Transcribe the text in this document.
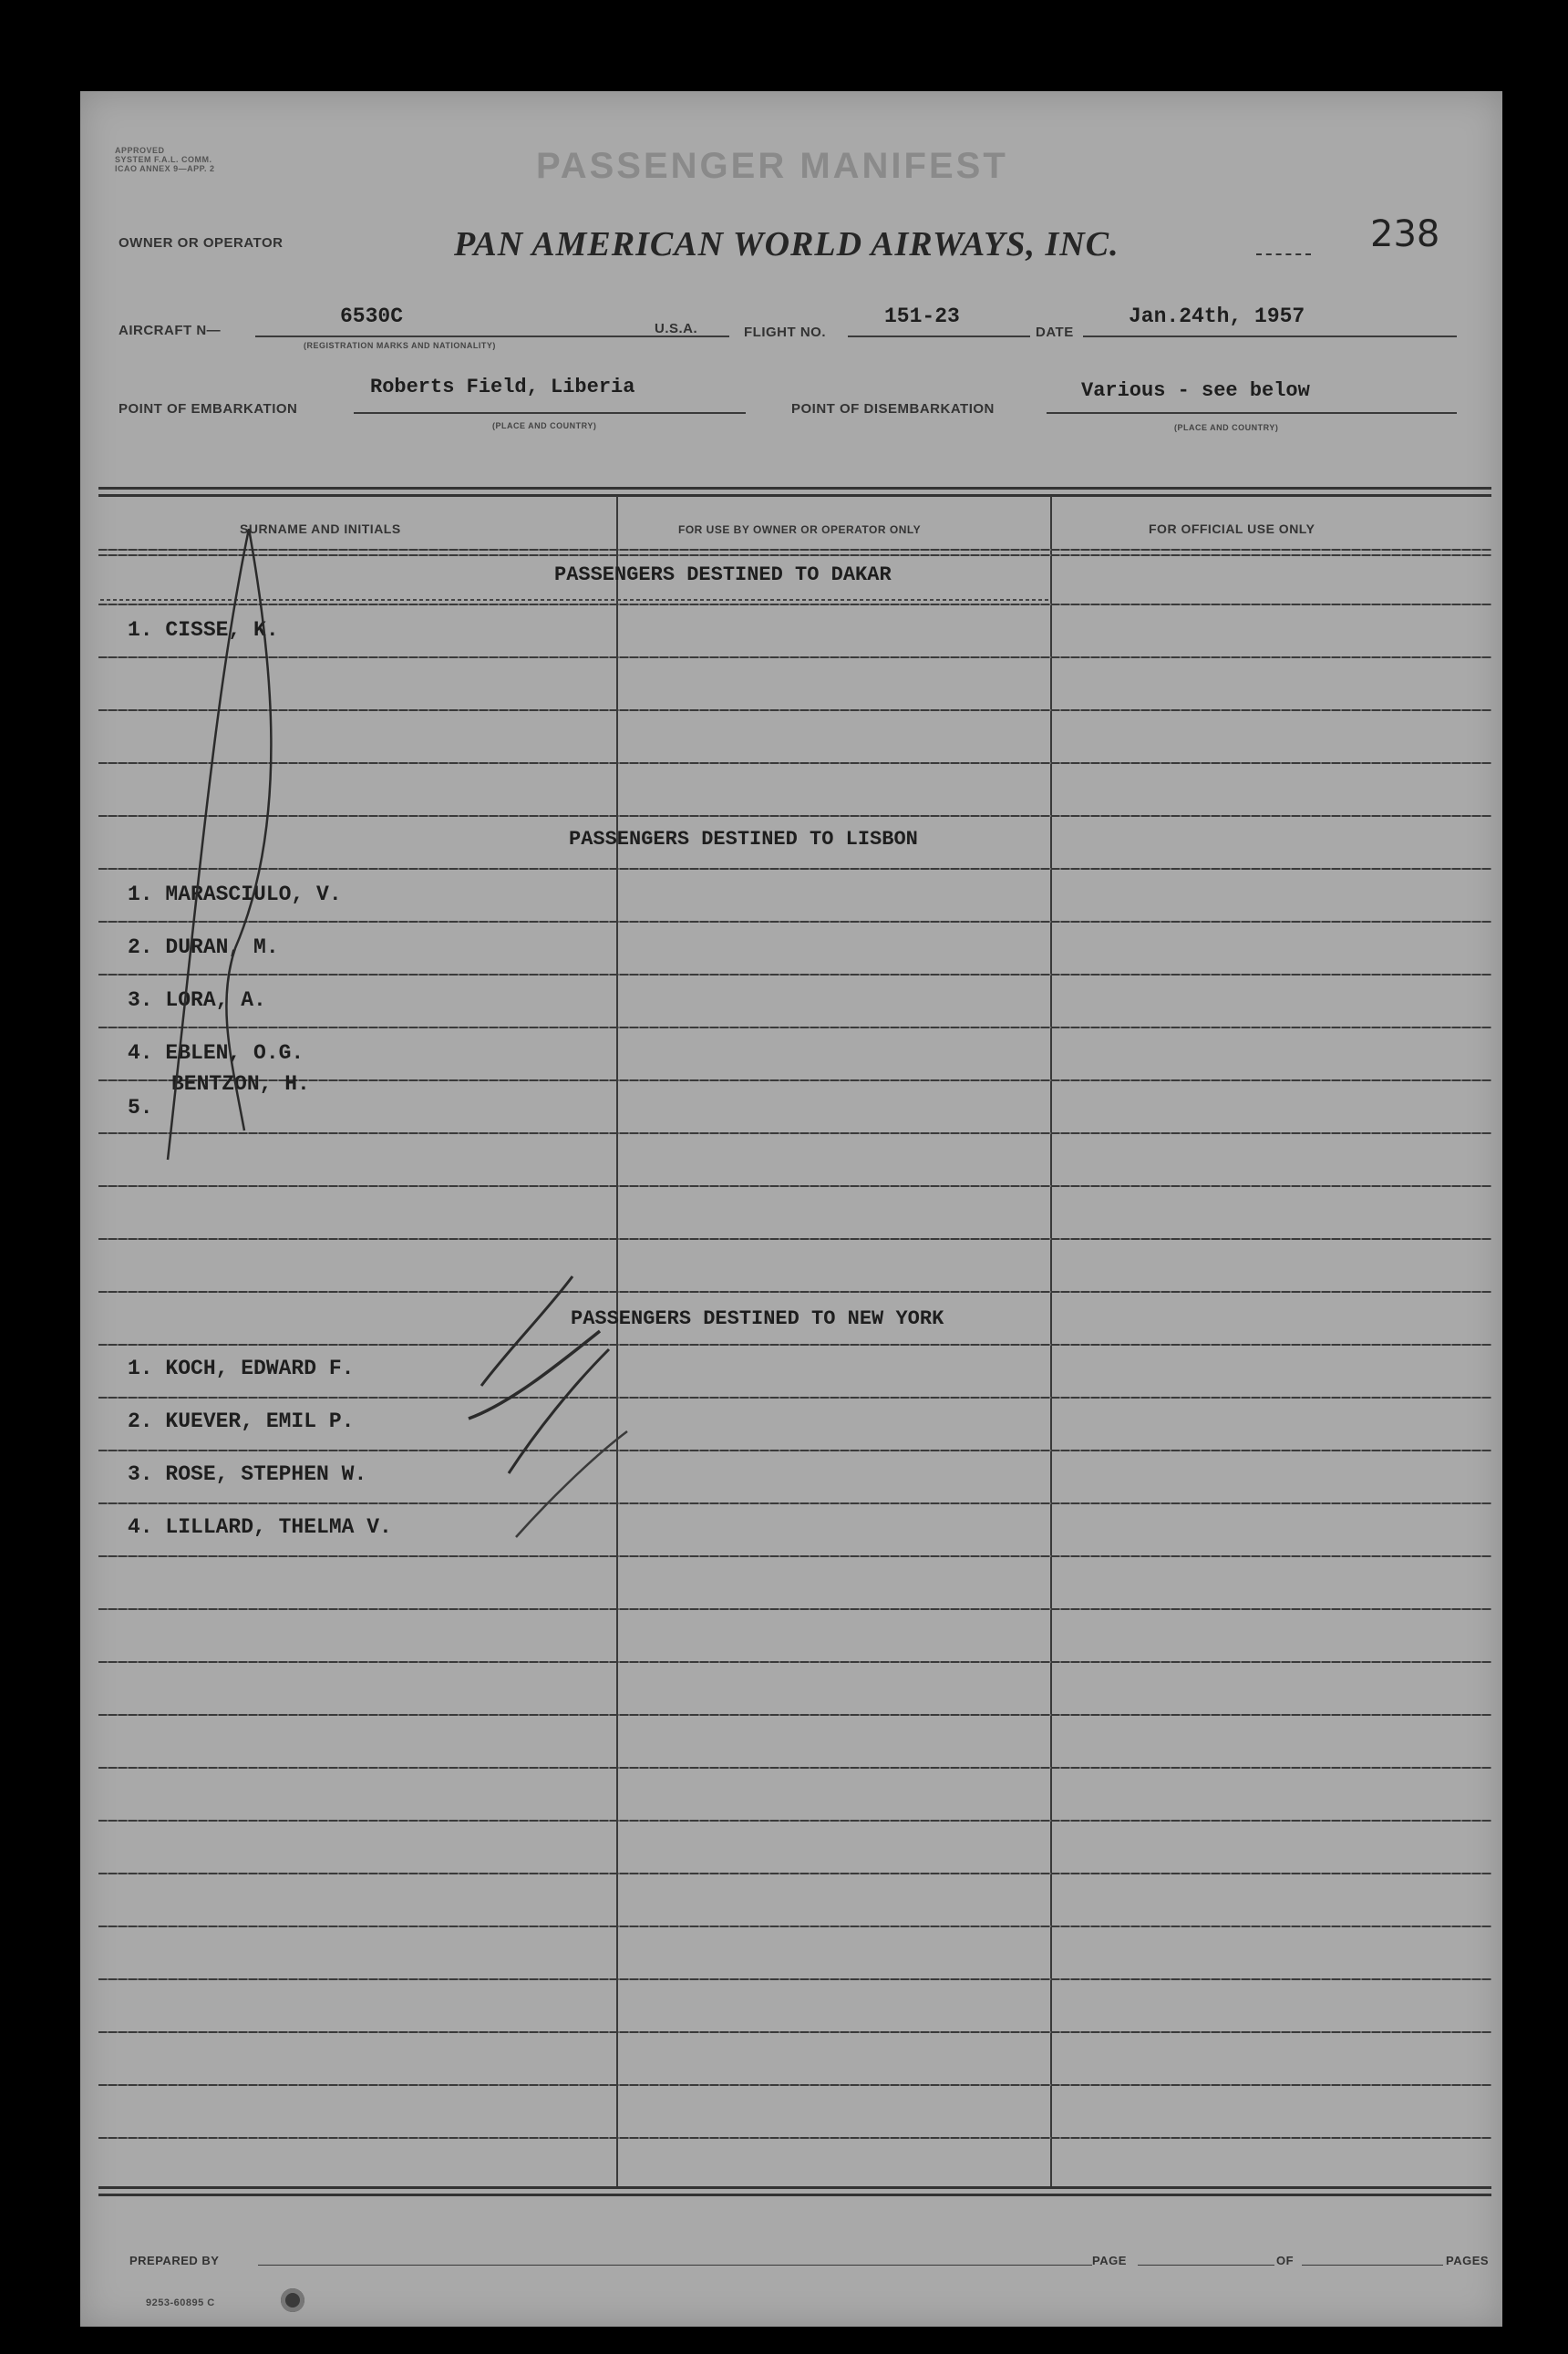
APPROVED
SYSTEM F.A.L. COMM.
ICAO ANNEX 9—APP. 2	PASSENGER MANIFEST
OWNER OR OPERATOR	PAN AMERICAN WORLD AIRWAYS, INC.	238
AIRCRAFT N—
6530C
(REGISTRATION MARKS AND NATIONALITY)
U.S.A.	FLIGHT NO.
151-23
DATE
Jan.24th, 1957
POINT OF EMBARKATION
Roberts Field, Liberia
(PLACE AND COUNTRY)
POINT OF DISEMBARKATION
Various - see below
(PLACE AND COUNTRY)
SURNAME AND INITIALS	FOR USE BY OWNER OR OPERATOR ONLY	FOR OFFICIAL USE ONLY
PASSENGERS DESTINED TO DAKAR
1. CISSE, K.
PASSENGERS DESTINED TO LISBON
1. MARASCIULO, V.
2. DURAN, M.
3. LORA, A.
4. EBLEN, O.G.
BENTZON, H.
5.
PASSENGERS DESTINED TO NEW YORK
1. KOCH, EDWARD F.
2. KUEVER, EMIL P.
3. ROSE, STEPHEN W.
4. LILLARD, THELMA V.
PREPARED BY	PAGE	OF	PAGES
9253-60895 C
